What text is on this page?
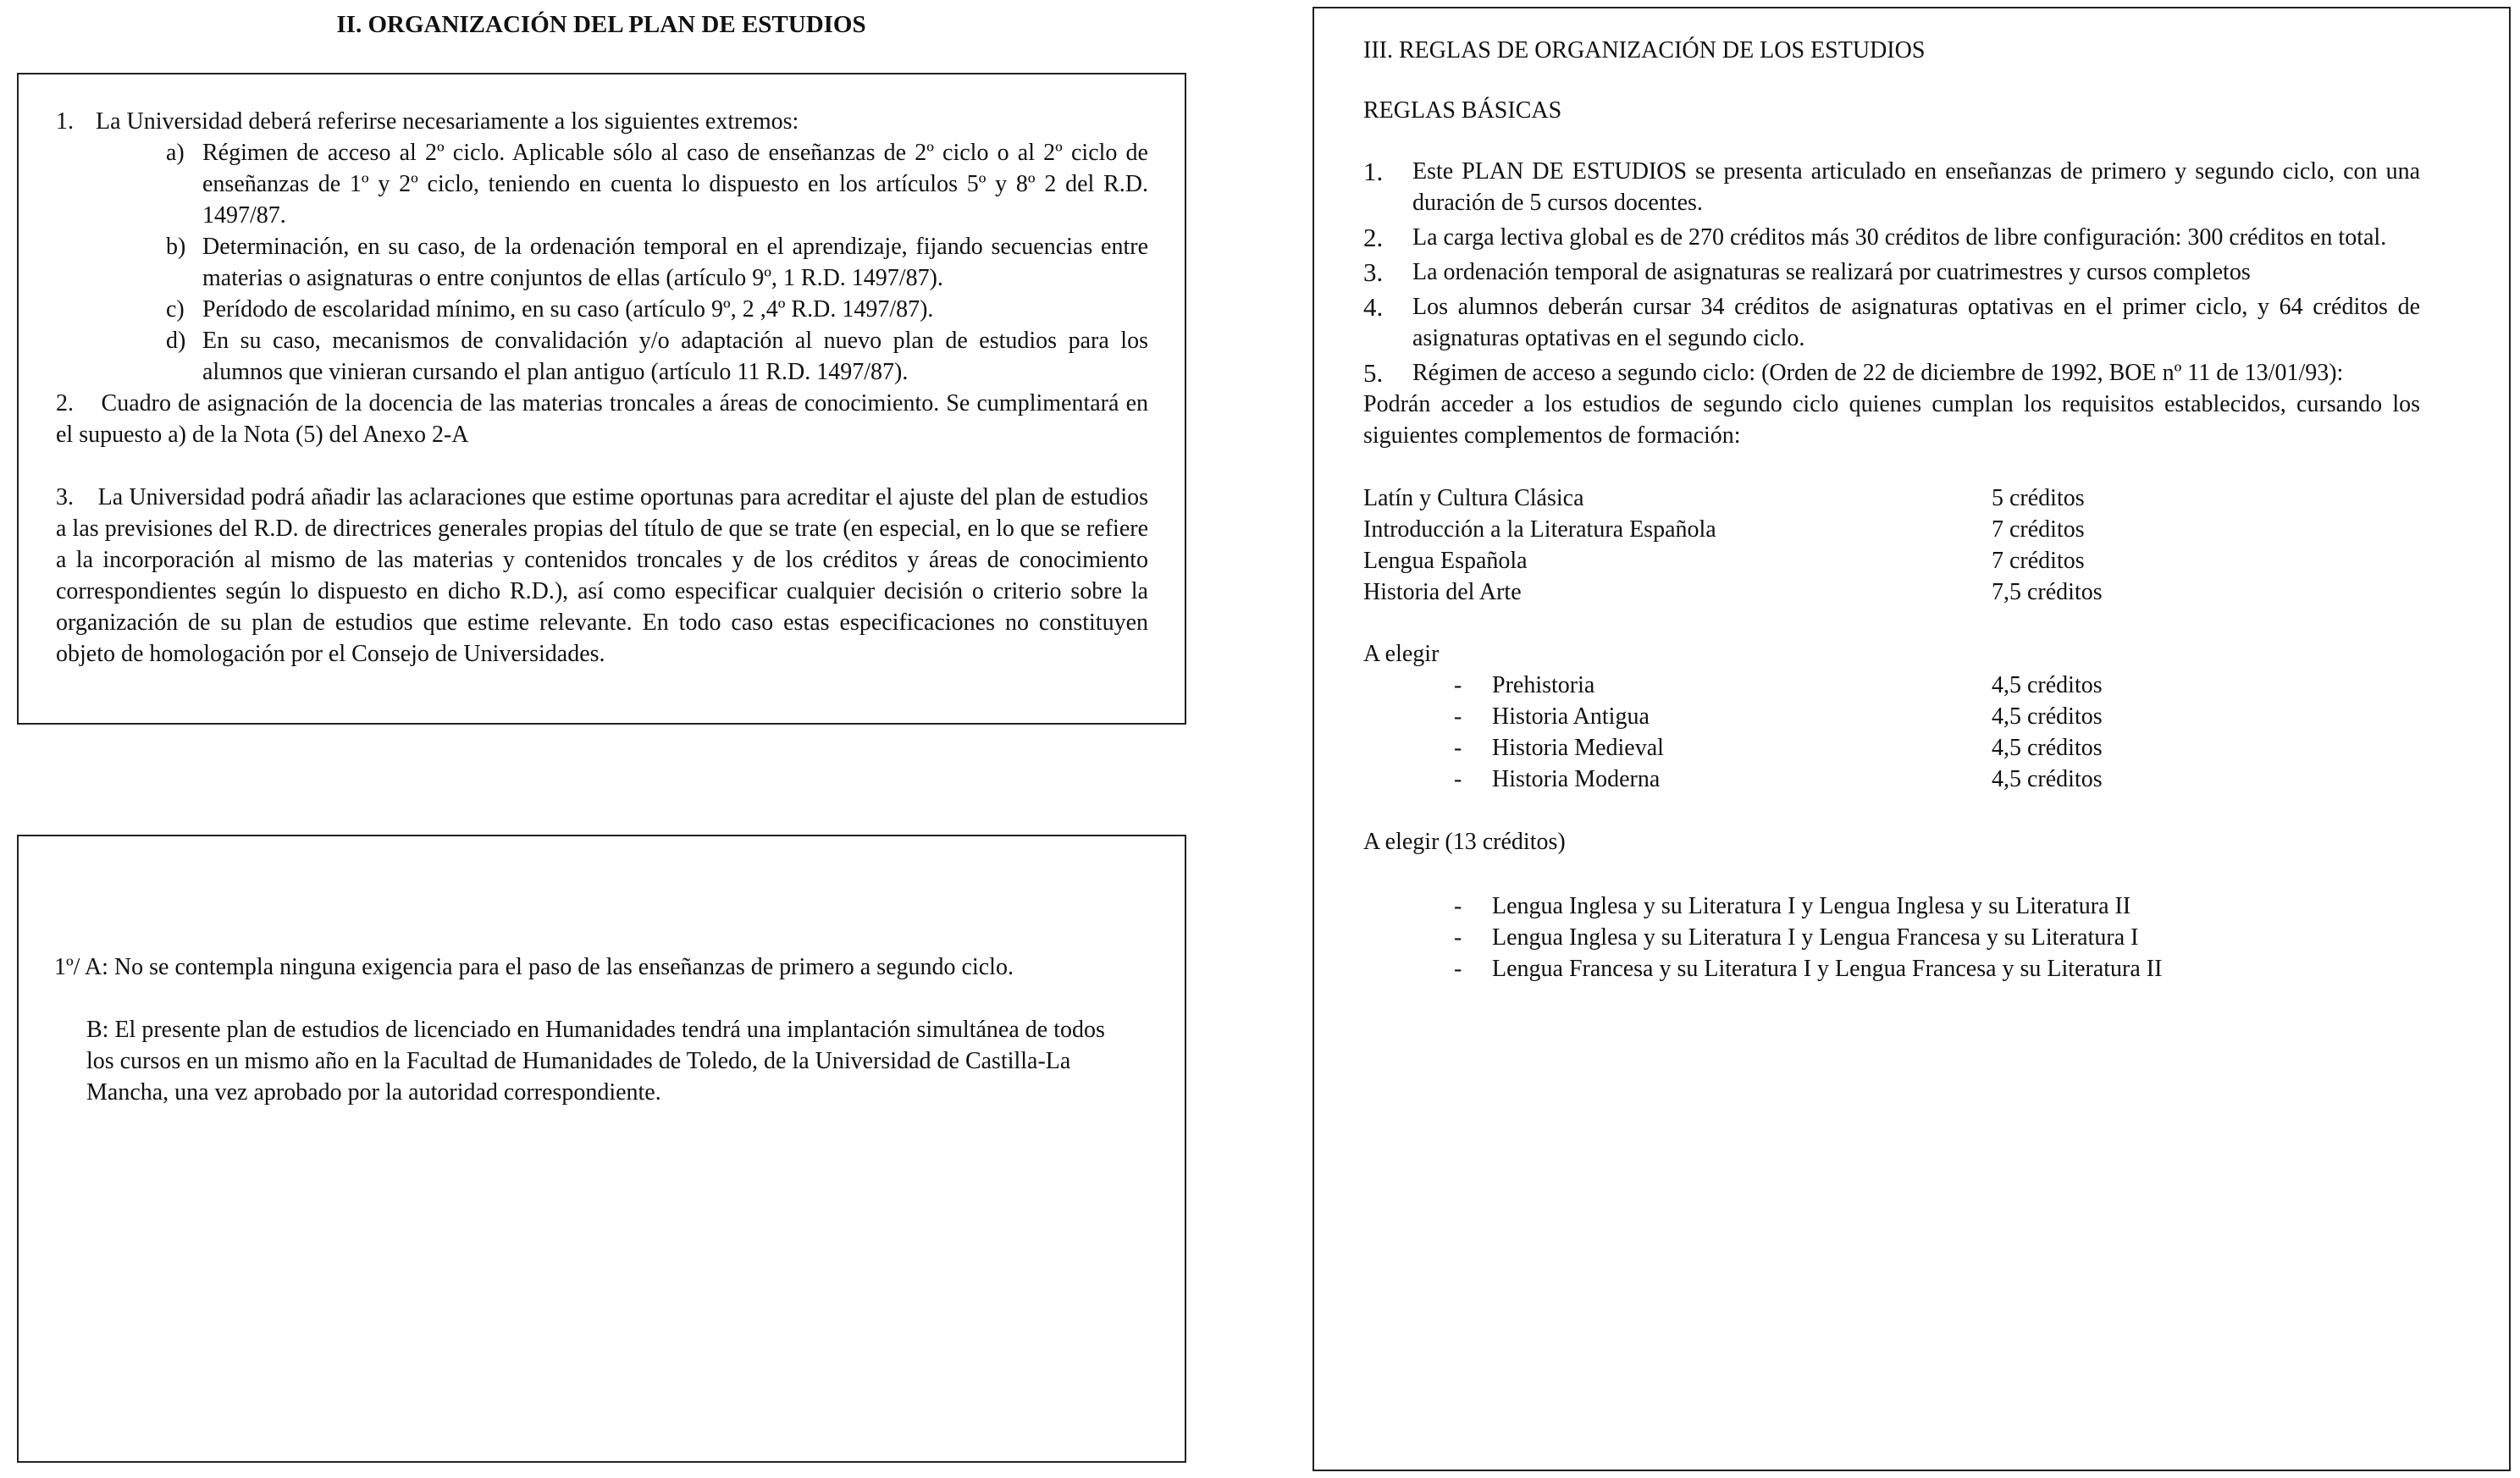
II. ORGANIZACIÓN DEL PLAN DE ESTUDIOS
1. La Universidad deberá referirse necesariamente a los siguientes extremos:
a) Régimen de acceso al 2º ciclo. Aplicable sólo al caso de enseñanzas de 2º ciclo o al 2º ciclo de enseñanzas de 1º y 2º ciclo, teniendo en cuenta lo dispuesto en los artículos 5º y 8º 2 del R.D. 1497/87.
b) Determinación, en su caso, de la ordenación temporal en el aprendizaje, fijando secuencias entre materias o asignaturas o entre conjuntos de ellas (artículo 9º, 1 R.D. 1497/87).
c) Perídodo de escolaridad mínimo, en su caso (artículo 9º, 2 ,4º R.D. 1497/87).
d) En su caso, mecanismos de convalidación y/o adaptación al nuevo plan de estudios para los alumnos que vinieran cursando el plan antiguo (artículo 11 R.D. 1497/87).
2.    Cuadro de asignación de la docencia de las materias troncales a áreas de conocimiento. Se cumplimentará en el supuesto a) de la Nota (5) del Anexo 2-A
3.    La Universidad podrá añadir las aclaraciones que estime oportunas para acreditar el ajuste del plan de estudios a las previsiones del R.D. de directrices generales propias del título de que se trate (en especial, en lo que se refiere a la incorporación al mismo de las materias y contenidos troncales y de los créditos y áreas de conocimiento correspondientes según lo dispuesto en dicho R.D.), así como especificar cualquier decisión o criterio sobre la organización de su plan de estudios que estime relevante. En todo caso estas especificaciones no constituyen objeto de homologación por el Consejo de Universidades.
1º/ A: No se contempla ninguna exigencia para el paso de las enseñanzas de primero a segundo ciclo.
B: El presente plan de estudios de licenciado en Humanidades tendrá una implantación simultánea de todos los cursos en un mismo año en la Facultad de Humanidades de Toledo, de la Universidad de Castilla-La Mancha, una vez aprobado por la autoridad correspondiente.
III. REGLAS DE ORGANIZACIÓN DE LOS ESTUDIOS
REGLAS BÁSICAS
1. Este PLAN DE ESTUDIOS se presenta articulado en enseñanzas de primero y segundo ciclo, con una duración de 5 cursos docentes.
2. La carga lectiva global es de 270 créditos más 30 créditos de libre configuración: 300 créditos en total.
3. La ordenación temporal de asignaturas se realizará por cuatrimestres y cursos completos
4. Los alumnos deberán cursar 34 créditos de asignaturas optativas en el primer ciclo, y 64 créditos de asignaturas optativas en el segundo ciclo.
5. Régimen de acceso a segundo ciclo: (Orden de 22 de diciembre de 1992, BOE nº 11 de 13/01/93):
Podrán acceder a los estudios de segundo ciclo quienes cumplan los requisitos establecidos, cursando los siguientes complementos de formación:
Latín y Cultura Clásica	5 créditos
Introducción a la Literatura Española	7 créditos
Lengua Española	7 créditos
Historia del Arte	7,5 créditos
A elegir
- Prehistoria	4,5 créditos
- Historia Antigua	4,5 créditos
- Historia Medieval	4,5 créditos
- Historia Moderna	4,5 créditos
A elegir (13 créditos)
- Lengua Inglesa y su Literatura I y Lengua Inglesa y su Literatura II
- Lengua Inglesa y su Literatura I y Lengua Francesa y su Literatura I
- Lengua Francesa y su Literatura I y Lengua Francesa y su Literatura II
